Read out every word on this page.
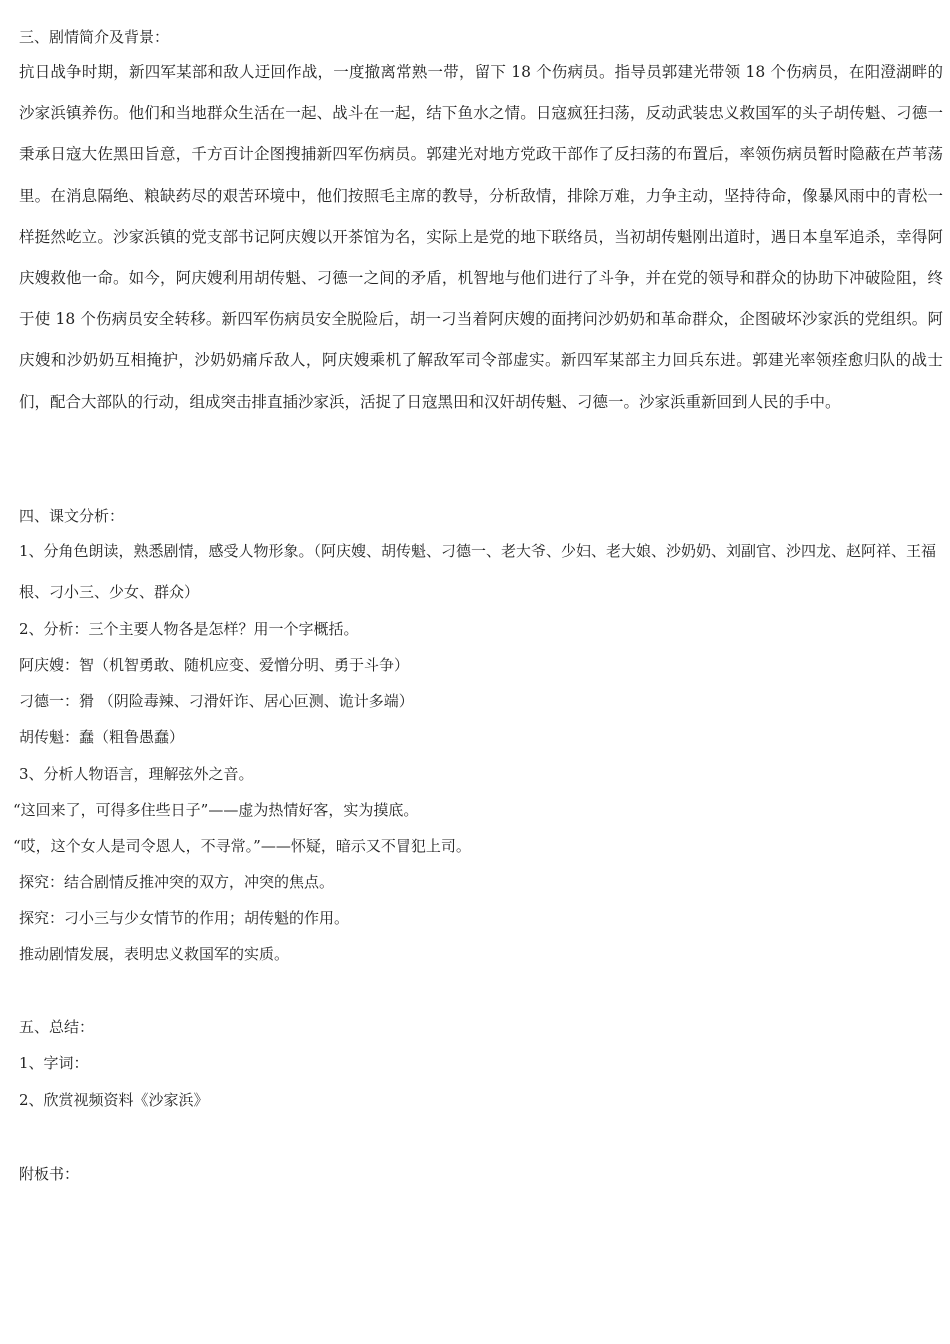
三、剧情简介及背景：

抗日战争时期，新四军某部和敌人迂回作战，一度撤离常熟一带，留下 18 个伤病员。指导员郭建光带领 18 个伤病员，在阳澄湖畔的沙家浜镇养伤。他们和当地群众生活在一起、战斗在一起，结下鱼水之情。日寇疯狂扫荡，反动武装忠义救国军的头子胡传魁、刁德一秉承日寇大佐黑田旨意，千方百计企图搜捕新四军伤病员。郭建光对地方党政干部作了反扫荡的布置后，率领伤病员暂时隐蔽在芦苇荡里。在消息隔绝、粮缺药尽的艰苦环境中，他们按照毛主席的教导，分析敌情，排除万难，力争主动，坚持待命，像暴风雨中的青松一样挺然屹立。沙家浜镇的党支部书记阿庆嫂以开茶馆为名，实际上是党的地下联络员，当初胡传魁刚出道时，遇日本皇军追杀，幸得阿庆嫂救他一命。如今，阿庆嫂利用胡传魁、刁德一之间的矛盾，机智地与他们进行了斗争，并在党的领导和群众的协助下冲破险阻，终于使 18 个伤病员安全转移。新四军伤病员安全脱险后，胡一刁当着阿庆嫂的面拷问沙奶奶和革命群众，企图破坏沙家浜的党组织。阿庆嫂和沙奶奶互相掩护，沙奶奶痛斥敌人，阿庆嫂乘机了解敌军司令部虚实。新四军某部主力回兵东进。郭建光率领痊愈归队的战士们，配合大部队的行动，组成突击排直插沙家浜，活捉了日寇黑田和汉奸胡传魁、刁德一。沙家浜重新回到人民的手中。

四、课文分析：

1、分角色朗读，熟悉剧情，感受人物形象。（阿庆嫂、胡传魁、刁德一、老大爷、少妇、老大娘、沙奶奶、刘副官、沙四龙、赵阿祥、王福根、刁小三、少女、群众）

2、分析：三个主要人物各是怎样？用一个字概括。

阿庆嫂：智（机智勇敢、随机应变、爱憎分明、勇于斗争）

刁德一：猾 （阴险毒辣、刁滑奸诈、居心叵测、诡计多端）

胡传魁：蠢（粗鲁愚蠢）

3、分析人物语言，理解弦外之音。

“这回来了，可得多住些日子”——虚为热情好客，实为摸底。

“哎，这个女人是司令恩人，不寻常。”——怀疑，暗示又不冒犯上司。

探究：结合剧情反推冲突的双方，冲突的焦点。

探究：刁小三与少女情节的作用；胡传魁的作用。

推动剧情发展，表明忠义救国军的实质。

五、总结：

1、字词：

2、欣赏视频资料《沙家浜》

附板书：
